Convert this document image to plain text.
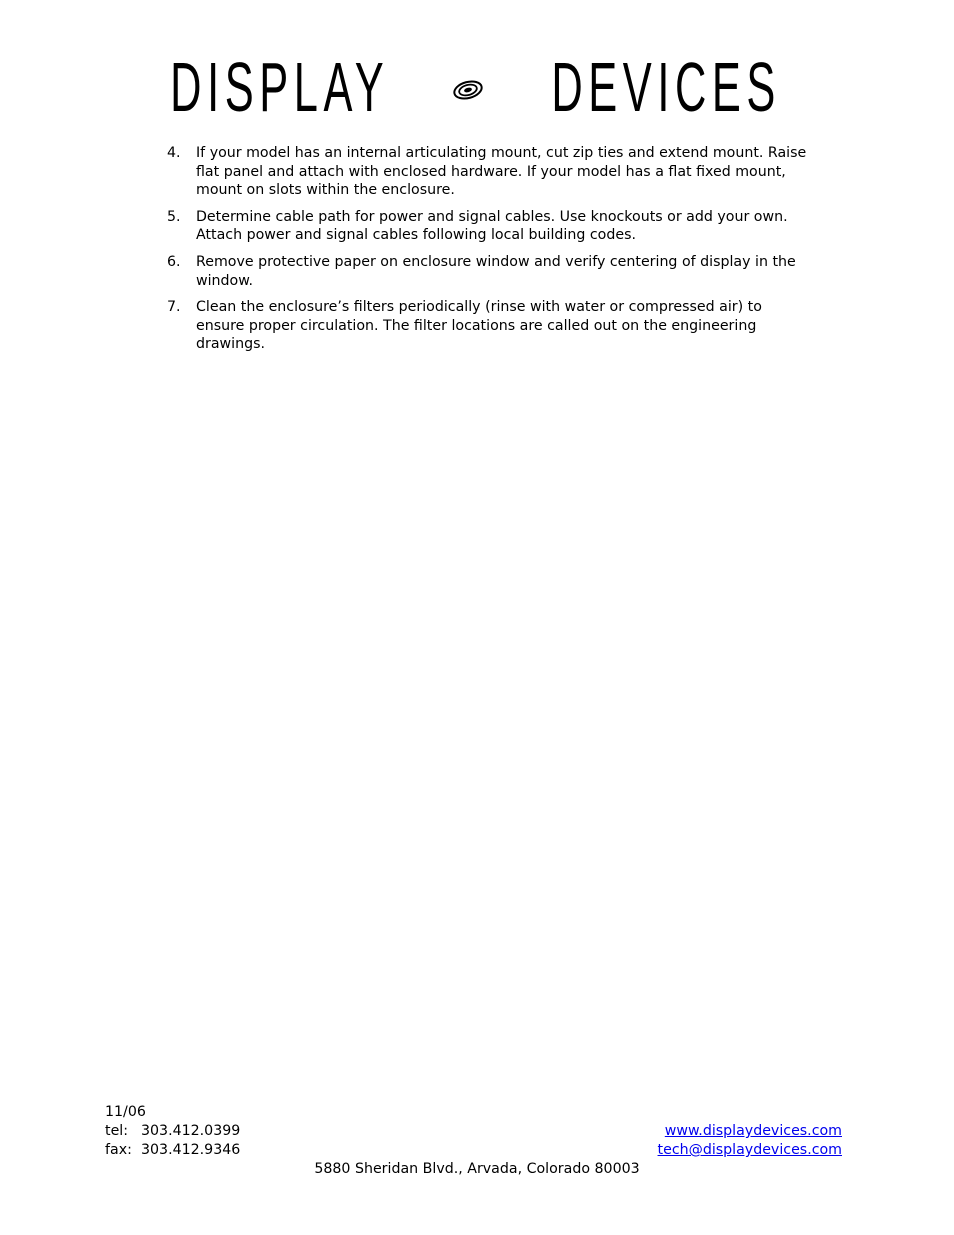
DISPLAY DEVICES
4. If your model has an internal articulating mount, cut zip ties and extend mount. Raise flat panel and attach with enclosed hardware. If your model has a flat fixed mount, mount on slots within the enclosure.
5. Determine cable path for power and signal cables. Use knockouts or add your own. Attach power and signal cables following local building codes.
6. Remove protective paper on enclosure window and verify centering of display in the window.
7. Clean the enclosure’s filters periodically (rinse with water or compressed air) to ensure proper circulation. The filter locations are called out on the engineering drawings.
11/06
tel: 303.412.0399
fax: 303.412.9346
www.displaydevices.com
tech@displaydevices.com
5880 Sheridan Blvd., Arvada, Colorado 80003
